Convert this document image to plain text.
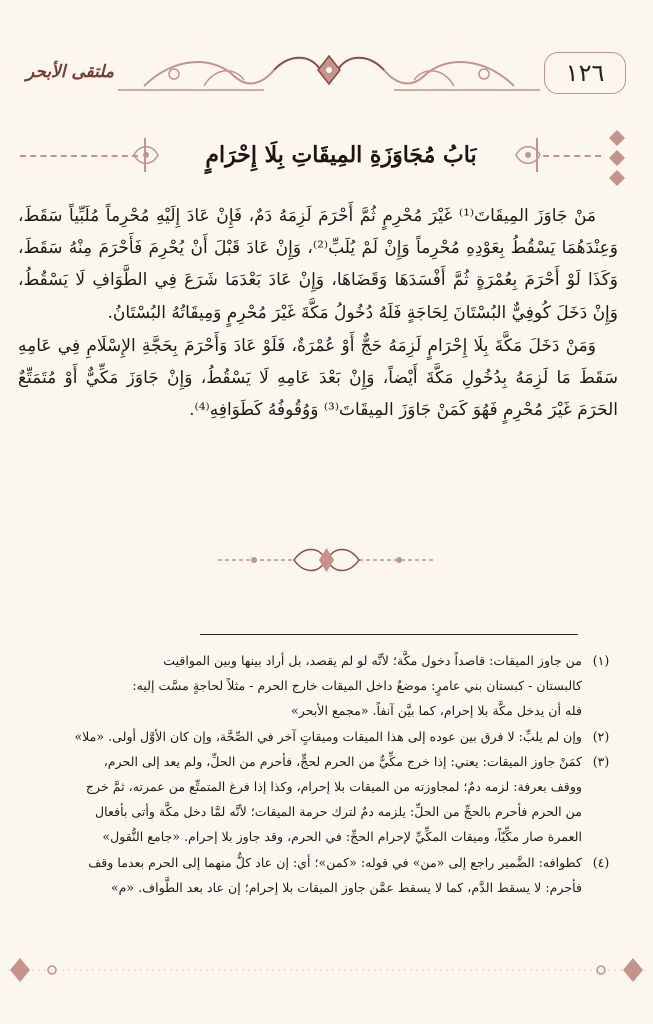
ملتقى الأبحر	١٢٦
بَابُ مُجَاوَزَةِ المِيقَاتِ بِلَا إِحْرَامٍ

مَنْ جَاوَزَ المِيقَاتَ⁽¹⁾ غَيْرَ مُحْرِمٍ ثُمَّ أَحْرَمَ لَزِمَهُ دَمٌ، فَإِنْ عَادَ إِلَيْهِ مُحْرِماً مُلَبِّياً سَقَطَ، وَعِنْدَهُمَا يَسْقُطُ بِعَوْدِهِ مُحْرِماً وَإِنْ لَمْ يُلَبِّ⁽²⁾، وَإِنْ عَادَ قَبْلَ أَنْ يُحْرِمَ فَأَحْرَمَ مِنْهُ سَقَطَ، وَكَذَا لَوْ أَحْرَمَ بِعُمْرَةٍ ثُمَّ أَفْسَدَهَا وَقَضَاهَا، وَإِنْ عَادَ بَعْدَمَا شَرَعَ فِي الطَّوَافِ لَا يَسْقُطُ، وَإِنْ دَخَلَ كُوفِيٌّ البُسْتَانَ لِحَاجَةٍ فَلَهُ دُخُولُ مَكَّةَ غَيْرَ مُحْرِمٍ وَمِيقَاتُهُ البُسْتَانُ.

وَمَنْ دَخَلَ مَكَّةَ بِلَا إِحْرَامٍ لَزِمَهُ حَجٌّ أَوْ عُمْرَةٌ، فَلَوْ عَادَ وَأَحْرَمَ بِحَجَّةِ الإِسْلَامِ فِي عَامِهِ سَقَطَ مَا لَزِمَهُ بِدُخُولِ مَكَّةَ أَيْضاً، وَإِنْ بَعْدَ عَامِهِ لَا يَسْقُطُ، وَإِنْ جَاوَزَ مَكِّيٌّ أَوْ مُتَمَتِّعٌ الحَرَمَ غَيْرَ مُحْرِمٍ فَهُوَ كَمَنْ جَاوَزَ المِيقَاتَ⁽³⁾ وَوُقُوفُهُ كَطَوَافِهِ⁽⁴⁾.

(١)
من جاوز الميقات: قاصداً دخول مكَّة؛ لأنَّه لو لم يقصد، بل أراد بينها وبين المواقيت
كالبستان - كبستان بني عامرٍ: موضعٌ داخل الميقات خارج الحرم - مثلاً لحاجةٍ مسَّت إليه:
فله أن يدخل مكَّة بلا إحرام، كما بيَّن آنفاً. «مجمع الأبحر»
(٢)
وإن لم يلبِّ: لا فرق بين عوده إلى هذا الميقات وميقاتٍ آخر في الصِّحَّة، وإن كان الأوَّل أولى. «ملا»
(٣)
كمَنْ جاوز الميقات: يعني: إذا خرج مكِّيٌّ من الحرم لحجٍّ، فأحرم من الحلِّ، ولم يعد إلى الحرم،
ووقف بعرفة: لزمه دمٌ؛ لمجاوزته من الميقات بلا إحرام، وكذا إذا فرغ المتمتِّع من عمرته، ثمَّ خرج
من الحرم فأحرم بالحجِّ من الحلِّ: يلزمه دمٌ لترك حرمة الميقات؛ لأنَّه لمَّا دخل مكَّة وأتى بأفعال
العمرة صار مكِّيّاً، وميقات المكِّيِّ لإحرام الحجِّ: في الحرم، وقد جاوز بلا إحرام. «جامع النُّقول»
(٤)
كطوافه: الضَّمير راجع إلى «من» في قوله: «كمن»؛ أي: إن عاد كلٌّ منهما إلى الحرم بعدما وقف
فأحرم: لا يسقط الدَّم، كما لا يسقط عمَّن جاوز الميقات بلا إحرام؛ إن عاد بعد الطَّواف. «م»
